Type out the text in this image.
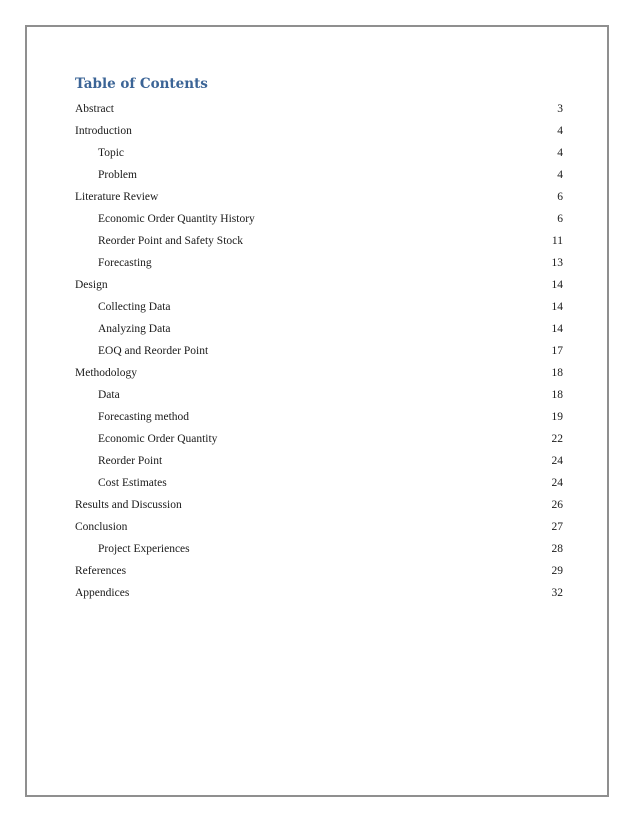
Table of Contents
Abstract	3
Introduction	4
Topic	4
Problem	4
Literature Review	6
Economic Order Quantity History	6
Reorder Point and Safety Stock	11
Forecasting	13
Design	14
Collecting Data	14
Analyzing Data	14
EOQ and Reorder Point	17
Methodology	18
Data	18
Forecasting method	19
Economic Order Quantity	22
Reorder Point	24
Cost Estimates	24
Results and Discussion	26
Conclusion	27
Project Experiences	28
References	29
Appendices	32
